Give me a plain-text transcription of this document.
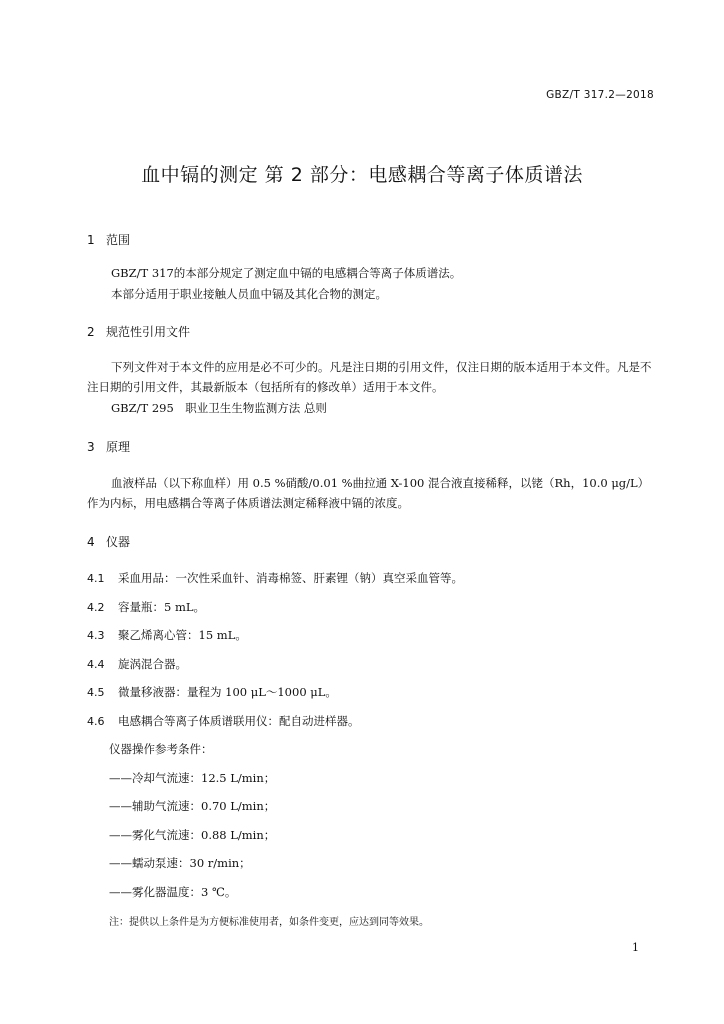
GBZ/T 317.2—2018
血中镉的测定 第 2 部分：电感耦合等离子体质谱法
1 范围
GBZ/T 317的本部分规定了测定血中镉的电感耦合等离子体质谱法。
本部分适用于职业接触人员血中镉及其化合物的测定。
2 规范性引用文件
下列文件对于本文件的应用是必不可少的。凡是注日期的引用文件，仅注日期的版本适用于本文件。凡是不注日期的引用文件，其最新版本（包括所有的修改单）适用于本文件。
GBZ/T 295　职业卫生生物监测方法 总则
3 原理
血液样品（以下称血样）用 0.5 %硝酸/0.01 %曲拉通 X-100 混合液直接稀释，以铑（Rh，10.0 μg/L）作为内标，用电感耦合等离子体质谱法测定稀释液中镉的浓度。
4 仪器
4.1 采血用品：一次性采血针、消毒棉签、肝素锂（钠）真空采血管等。
4.2 容量瓶：5 mL。
4.3 聚乙烯离心管：15 mL。
4.4 旋涡混合器。
4.5 微量移液器：量程为 100 μL～1000 μL。
4.6 电感耦合等离子体质谱联用仪：配自动进样器。
仪器操作参考条件：
——冷却气流速：12.5 L/min；
——辅助气流速：0.70 L/min；
——雾化气流速：0.88 L/min；
——蠕动泵速：30 r/min；
——雾化器温度：3 ℃。
注：提供以上条件是为方便标准使用者，如条件变更，应达到同等效果。
1
